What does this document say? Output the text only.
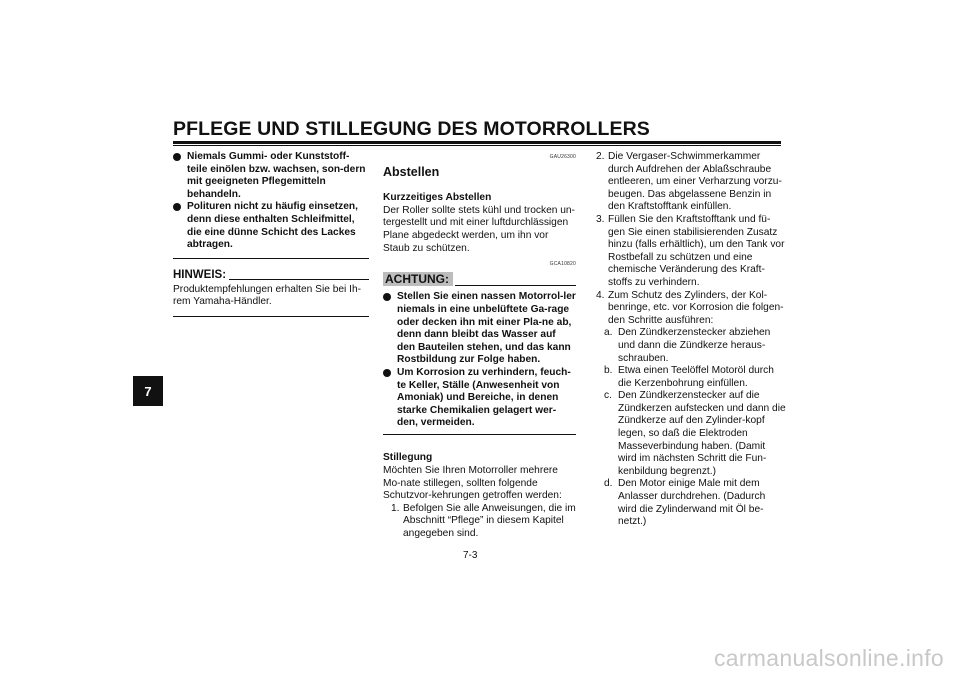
PFLEGE UND STILLEGUNG DES MOTORROLLERS
7
Niemals Gummi- oder Kunststoff-teile einölen bzw. wachsen, son-dern mit geeigneten Pflegemitteln behandeln.
Polituren nicht zu häufig einsetzen, denn diese enthalten Schleifmittel, die eine dünne Schicht des Lackes abtragen.
HINWEIS:
Produktempfehlungen erhalten Sie bei Ih-rem Yamaha-Händler.
GAU26300
Abstellen
Kurzzeitiges Abstellen
Der Roller sollte stets kühl und trocken un-tergestellt und mit einer luftdurchlässigen Plane abgedeckt werden, um ihn vor Staub zu schützen.
GCA10820
ACHTUNG:
Stellen Sie einen nassen Motorrol-ler niemals in eine unbelüftete Ga-rage oder decken ihn mit einer Pla-ne ab, denn dann bleibt das Wasser auf den Bauteilen stehen, und das kann Rostbildung zur Folge haben.
Um Korrosion zu verhindern, feuch-te Keller, Ställe (Anwesenheit von Amoniak) und Bereiche, in denen starke Chemikalien gelagert wer-den, vermeiden.
Stillegung
Möchten Sie Ihren Motorroller mehrere Mo-nate stillegen, sollten folgende Schutzvor-kehrungen getroffen werden:
1. Befolgen Sie alle Anweisungen, die im Abschnitt “Pflege” in diesem Kapitel angegeben sind.
2. Die Vergaser-Schwimmerkammer durch Aufdrehen der Ablaßschraube entleeren, um einer Verharzung vorzu-beugen. Das abgelassene Benzin in den Kraftstofftank einfüllen.
3. Füllen Sie den Kraftstofftank und fü-gen Sie einen stabilisierenden Zusatz hinzu (falls erhältlich), um den Tank vor Rostbefall zu schützen und eine chemische Veränderung des Kraft-stoffs zu verhindern.
4. Zum Schutz des Zylinders, der Kol-benringe, etc. vor Korrosion die folgen-den Schritte ausführen:
a. Den Zündkerzenstecker abziehen und dann die Zündkerze heraus-schrauben.
b. Etwa einen Teelöffel Motoröl durch die Kerzenbohrung einfüllen.
c. Den Zündkerzenstecker auf die Zündkerzen aufstecken und dann die Zündkerze auf den Zylinder-kopf legen, so daß die Elektroden Masseverbindung haben. (Damit wird im nächsten Schritt die Fun-kenbildung begrenzt.)
d. Den Motor einige Male mit dem Anlasser durchdrehen. (Dadurch wird die Zylinderwand mit Öl be-netzt.)
7-3
carmanualsonline.info
